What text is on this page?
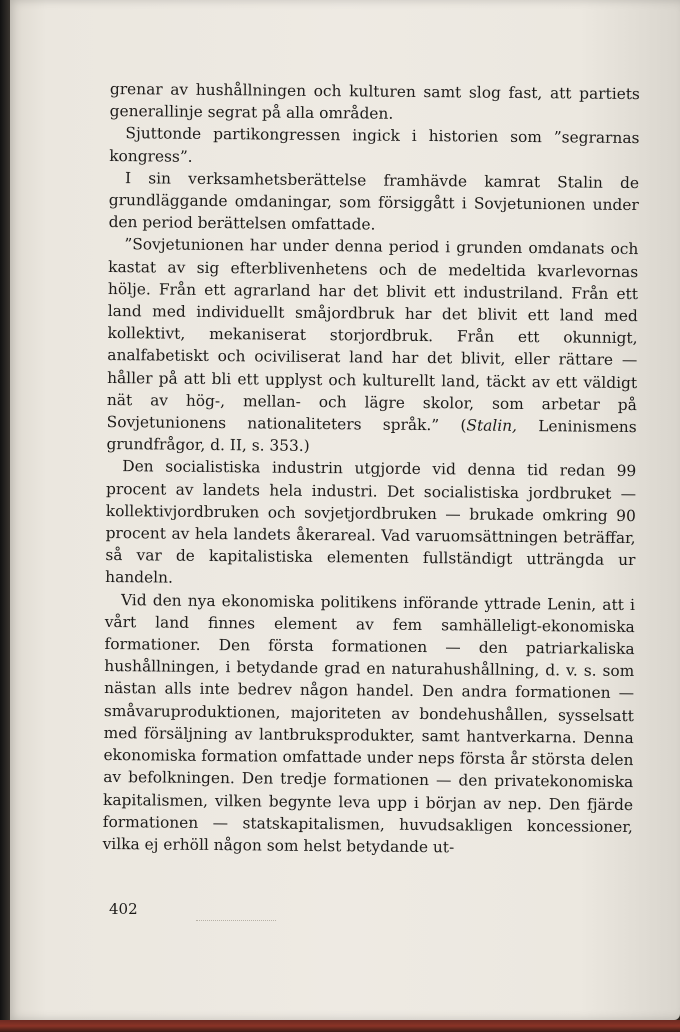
grenar av hushållningen och kulturen samt slog fast, att partiets generallinje segrat på alla områden.

Sjuttonde partikongressen ingick i historien som ”segrarnas kongress”.

I sin verksamhetsberättelse framhävde kamrat Stalin de grundläggande omdaningar, som försiggått i Sovjetunionen under den period berättelsen omfattade.

”Sovjetunionen har under denna period i grunden omdanats och kastat av sig efterblivenhetens och de medeltida kvarlevornas hölje. Från ett agrarland har det blivit ett industriland. Från ett land med individuellt småjordbruk har det blivit ett land med kollektivt, mekaniserat storjordbruk. Från ett okunnigt, analfabetiskt och ociviliserat land har det blivit, eller rättare — håller på att bli ett upplyst och kulturellt land, täckt av ett väldigt nät av hög-, mellan- och lägre skolor, som arbetar på Sovjetunionens nationaliteters språk.” (Stalin, Leninismens grundfrågor, d. II, s. 353.)

Den socialistiska industrin utgjorde vid denna tid redan 99 procent av landets hela industri. Det socialistiska jordbruket — kollektivjordbruken och sovjetjordbruken — brukade omkring 90 procent av hela landets åkerareal. Vad varuomsättningen beträffar, så var de kapitalistiska elementen fullständigt utträngda ur handeln.

Vid den nya ekonomiska politikens införande yttrade Lenin, att i vårt land finnes element av fem samhälleligt-ekonomiska formationer. Den första formationen — den patriarkaliska hushållningen, i betydande grad en naturahushållning, d. v. s. som nästan alls inte bedrev någon handel. Den andra formationen — småvaruproduktionen, majoriteten av bondehushållen, sysselsatt med försäljning av lantbruksprodukter, samt hantverkarna. Denna ekonomiska formation omfattade under neps första år största delen av befolkningen. Den tredje formationen — den privatekonomiska kapitalismen, vilken begynte leva upp i början av nep. Den fjärde formationen — statskapitalismen, huvudsakligen koncessioner, vilka ej erhöll någon som helst betydande ut-

402
